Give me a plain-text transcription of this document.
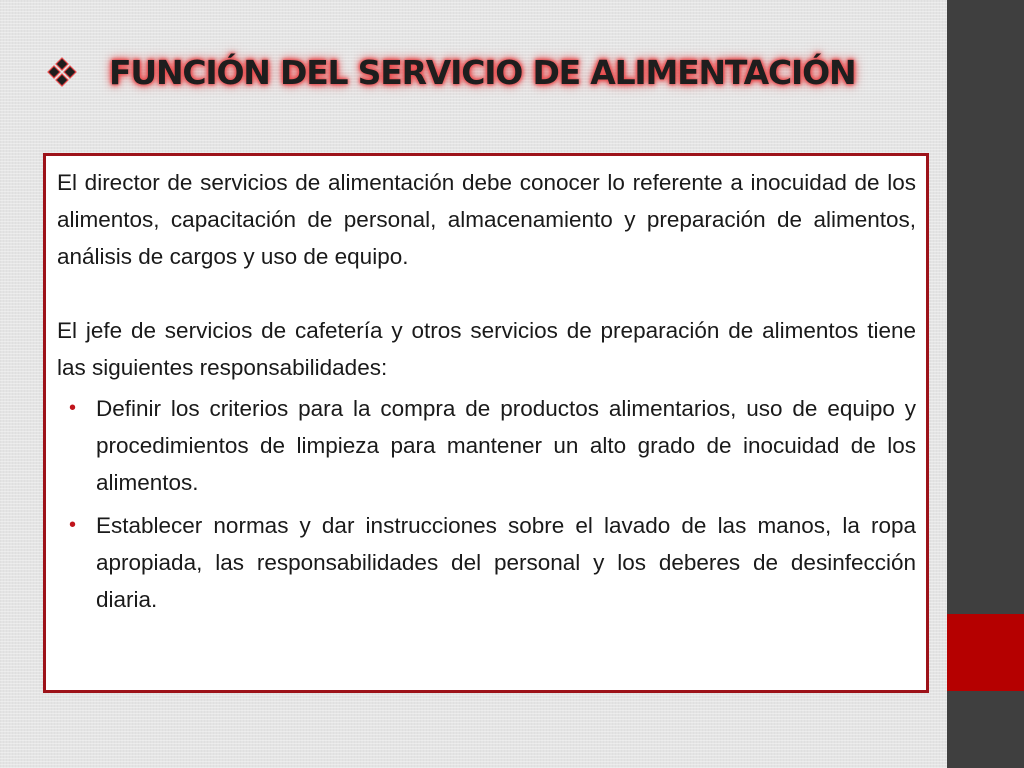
FUNCIÓN DEL SERVICIO DE ALIMENTACIÓN

El director de servicios de alimentación debe conocer lo referente a inocuidad de los alimentos, capacitación de personal, almacenamiento y preparación de alimentos, análisis de cargos y uso de equipo.

El jefe de servicios de cafetería y otros servicios de preparación de alimentos tiene las siguientes responsabilidades:

• Definir los criterios para la compra de productos alimentarios, uso de equipo y procedimientos de limpieza para mantener un alto grado de inocuidad de los alimentos.
• Establecer normas y dar instrucciones sobre el lavado de las manos, la ropa apropiada, las responsabilidades del personal y los deberes de desinfección diaria.
